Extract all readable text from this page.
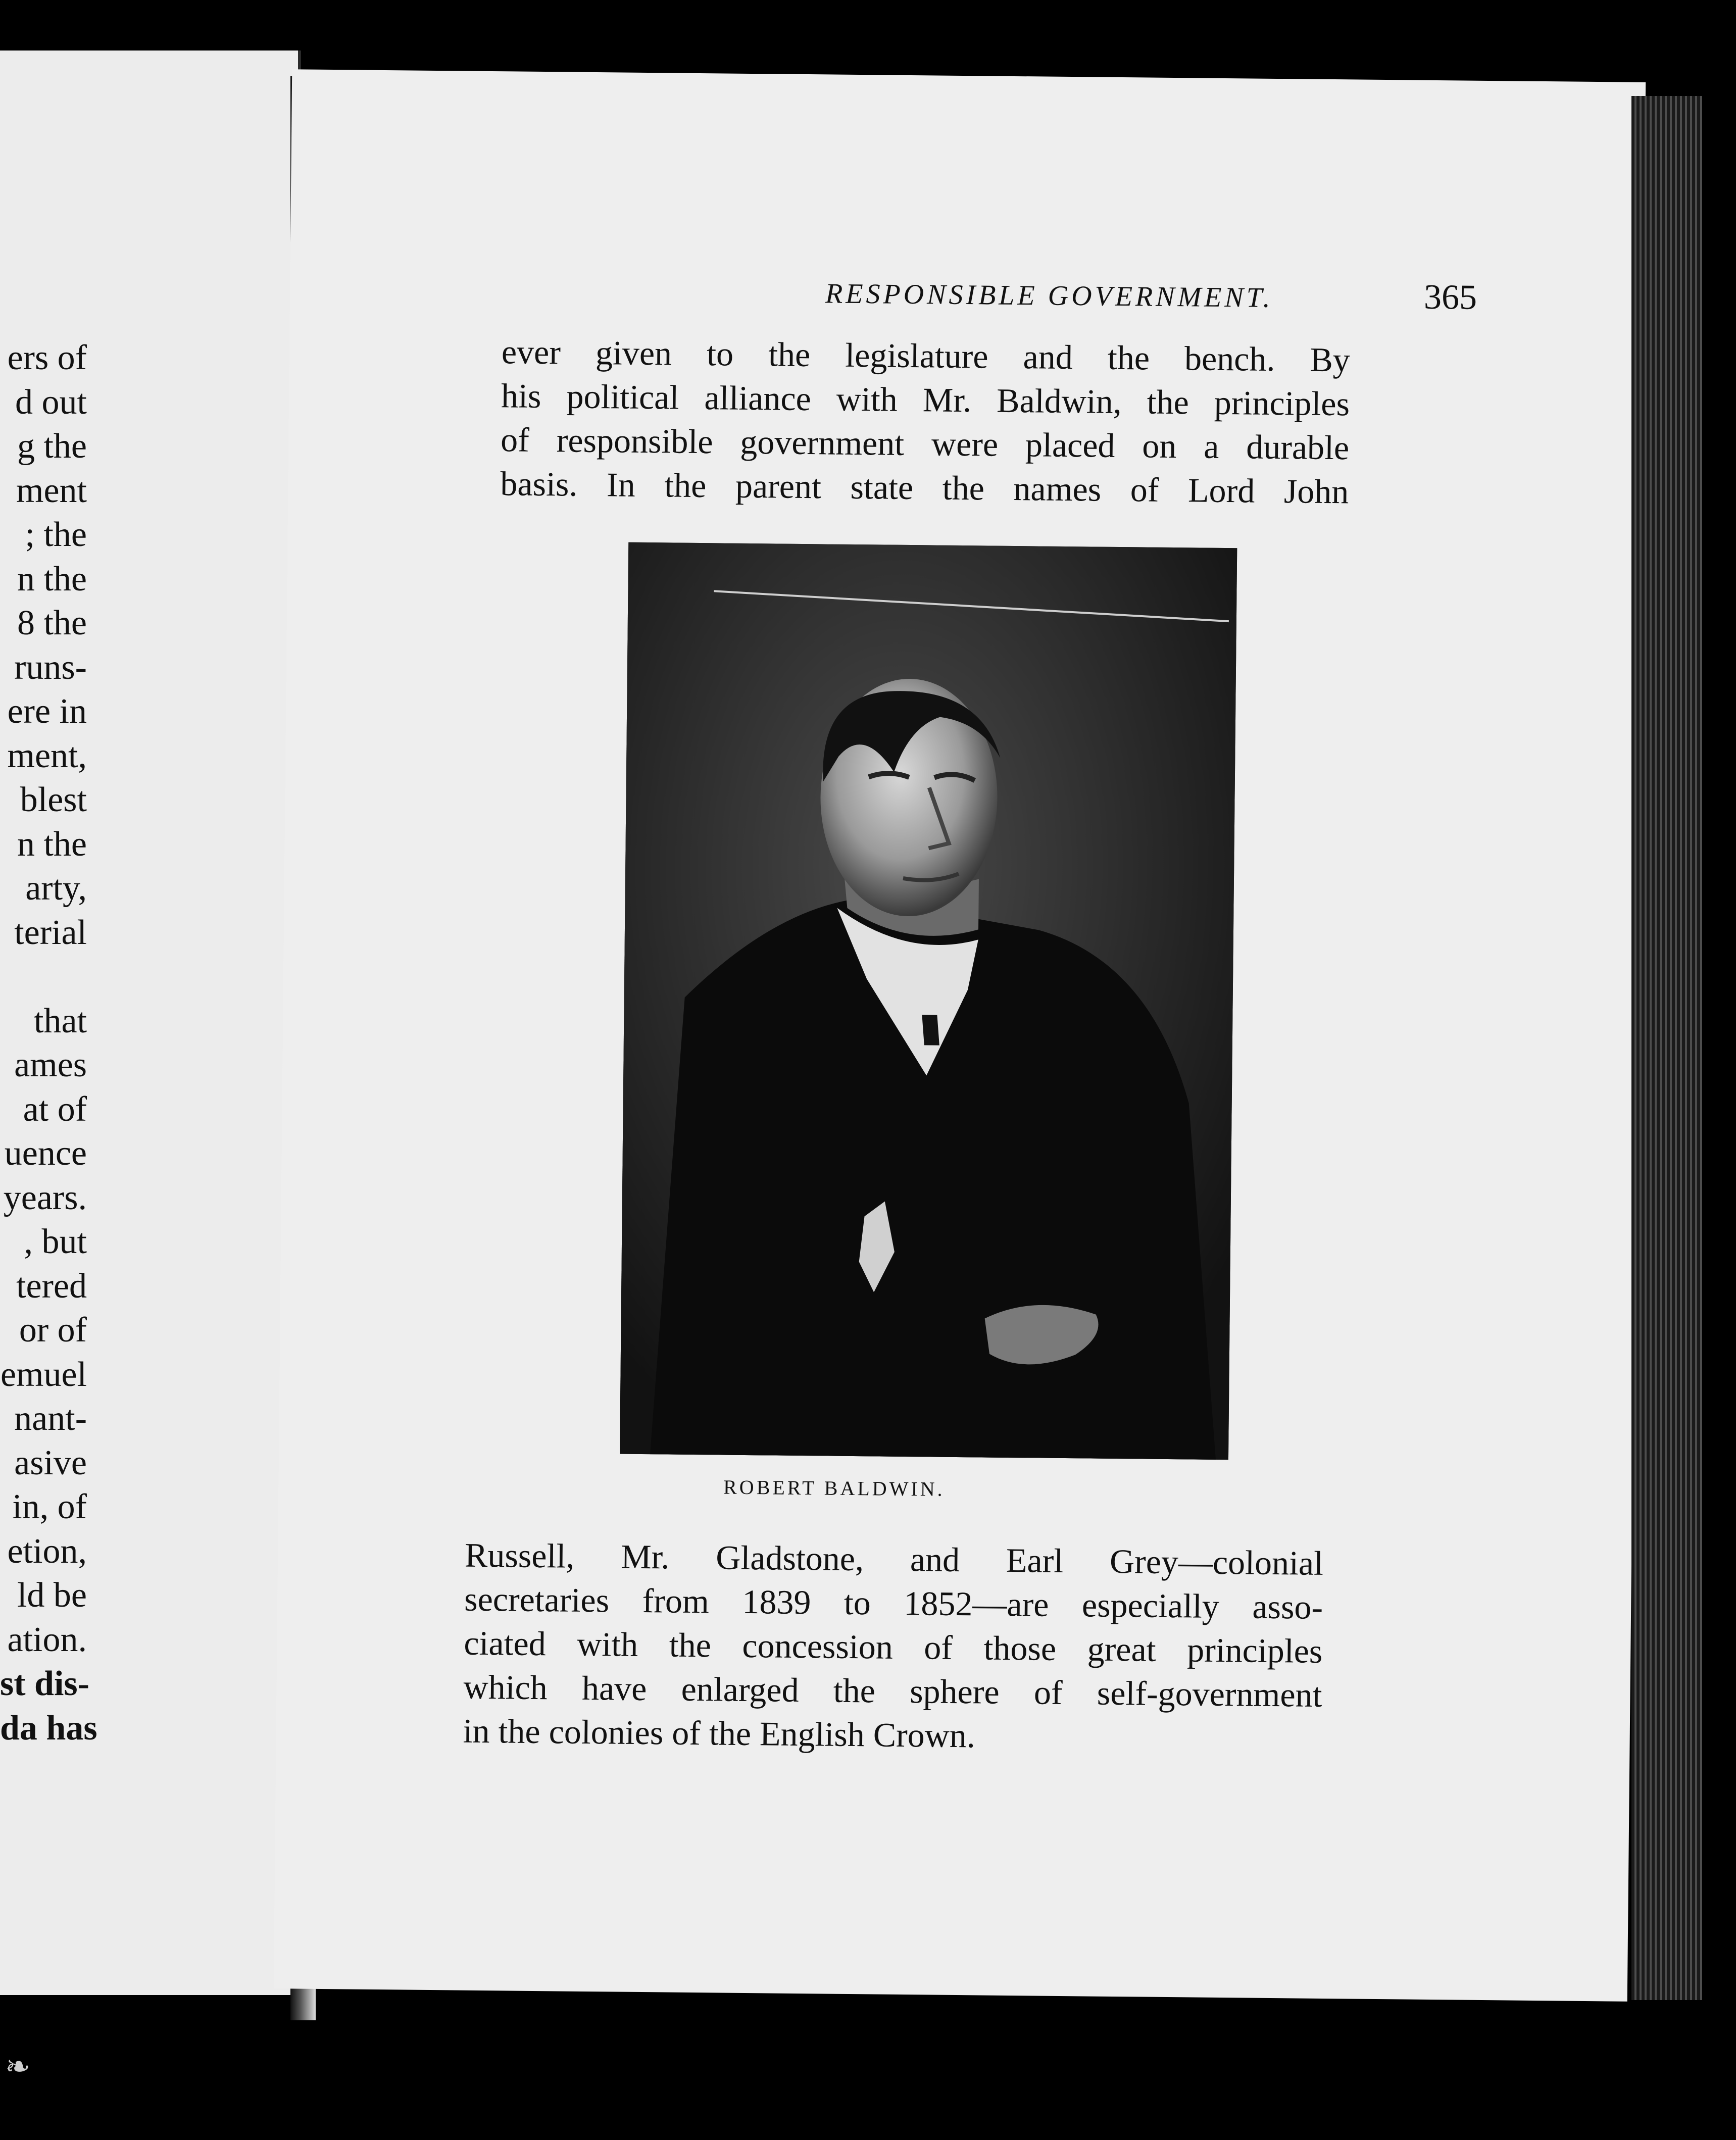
ers of
d out
g the
ment
; the
n the
8 the
runs-
ere in
ment,
blest
n the
arty,
terial
that
ames
at of
uence
years.
, but
tered
or of
emuel
nant-
asive
in, of
etion,
ld be
ation.
st dis-
da has
RESPONSIBLE GOVERNMENT.	365
ever given to the legislature and the bench. By
his political alliance with Mr. Baldwin, the principles
of responsible government were placed on a durable
basis. In the parent state the names of Lord John
ROBERT BALDWIN.
Russell, Mr. Gladstone, and Earl Grey—colonial
secretaries from 1839 to 1852—are especially asso-
ciated with the concession of those great principles
which have enlarged the sphere of self-government
in the colonies of the English Crown.
❧
